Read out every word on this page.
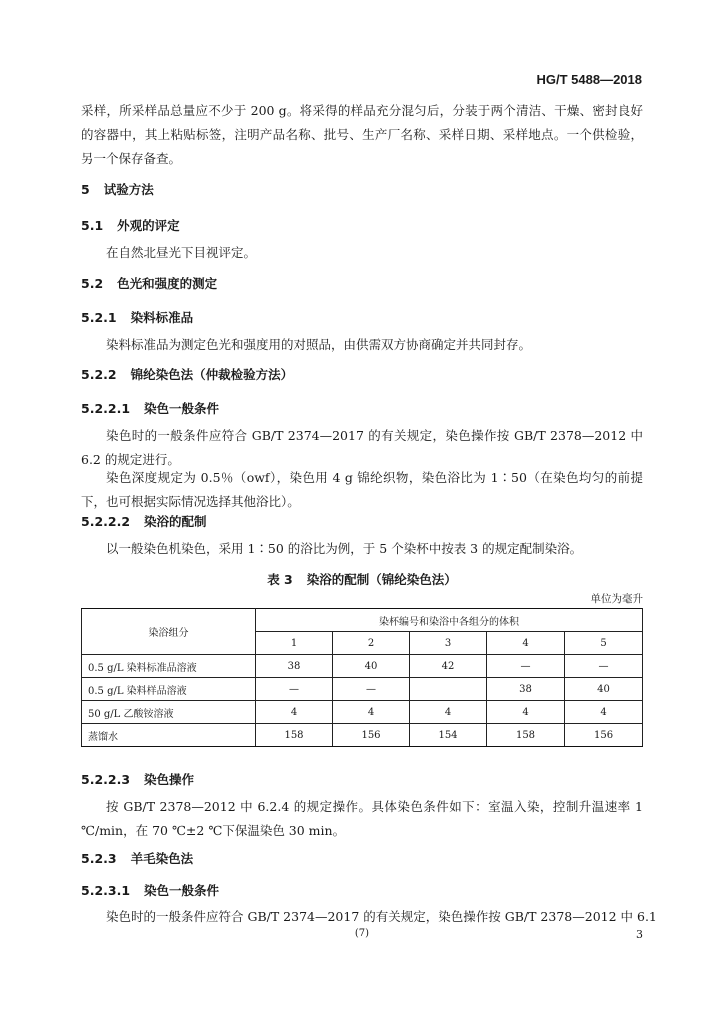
HG/T 5488—2018
采样，所采样品总量应不少于 200 g。将采得的样品充分混匀后，分装于两个清洁、干燥、密封良好的容器中，其上粘贴标签，注明产品名称、批号、生产厂名称、采样日期、采样地点。一个供检验，另一个保存备查。
5 试验方法
5.1 外观的评定
在自然北昼光下目视评定。
5.2 色光和强度的测定
5.2.1 染料标准品
染料标准品为测定色光和强度用的对照品，由供需双方协商确定并共同封存。
5.2.2 锦纶染色法（仲裁检验方法）
5.2.2.1 染色一般条件
染色时的一般条件应符合 GB/T 2374—2017 的有关规定，染色操作按 GB/T 2378—2012 中 6.2 的规定进行。
染色深度规定为 0.5％（owf），染色用 4 g 锦纶织物，染色浴比为 1∶50（在染色均匀的前提下，也可根据实际情况选择其他浴比）。
5.2.2.2 染浴的配制
以一般染色机染色，采用 1∶50 的浴比为例，于 5 个染杯中按表 3 的规定配制染浴。
表 3 染浴的配制（锦纶染色法）
单位为毫升
染浴组分	染杯编号和染浴中各组分的体积				
	1	2	3	4	5
0.5 g/L 染料标准品溶液	38	40	42	—	—
0.5 g/L 染料样品溶液	—	—		38	40
50 g/L 乙酸铵溶液	4	4	4	4	4
蒸馏水	158	156	154	158	156
5.2.2.3 染色操作
按 GB/T 2378—2012 中 6.2.4 的规定操作。具体染色条件如下：室温入染，控制升温速率 1 ℃/min，在 70 ℃±2 ℃下保温染色 30 min。
5.2.3 羊毛染色法
5.2.3.1 染色一般条件
染色时的一般条件应符合 GB/T 2374—2017 的有关规定，染色操作按 GB/T 2378—2012 中 6.1
(7)	3
